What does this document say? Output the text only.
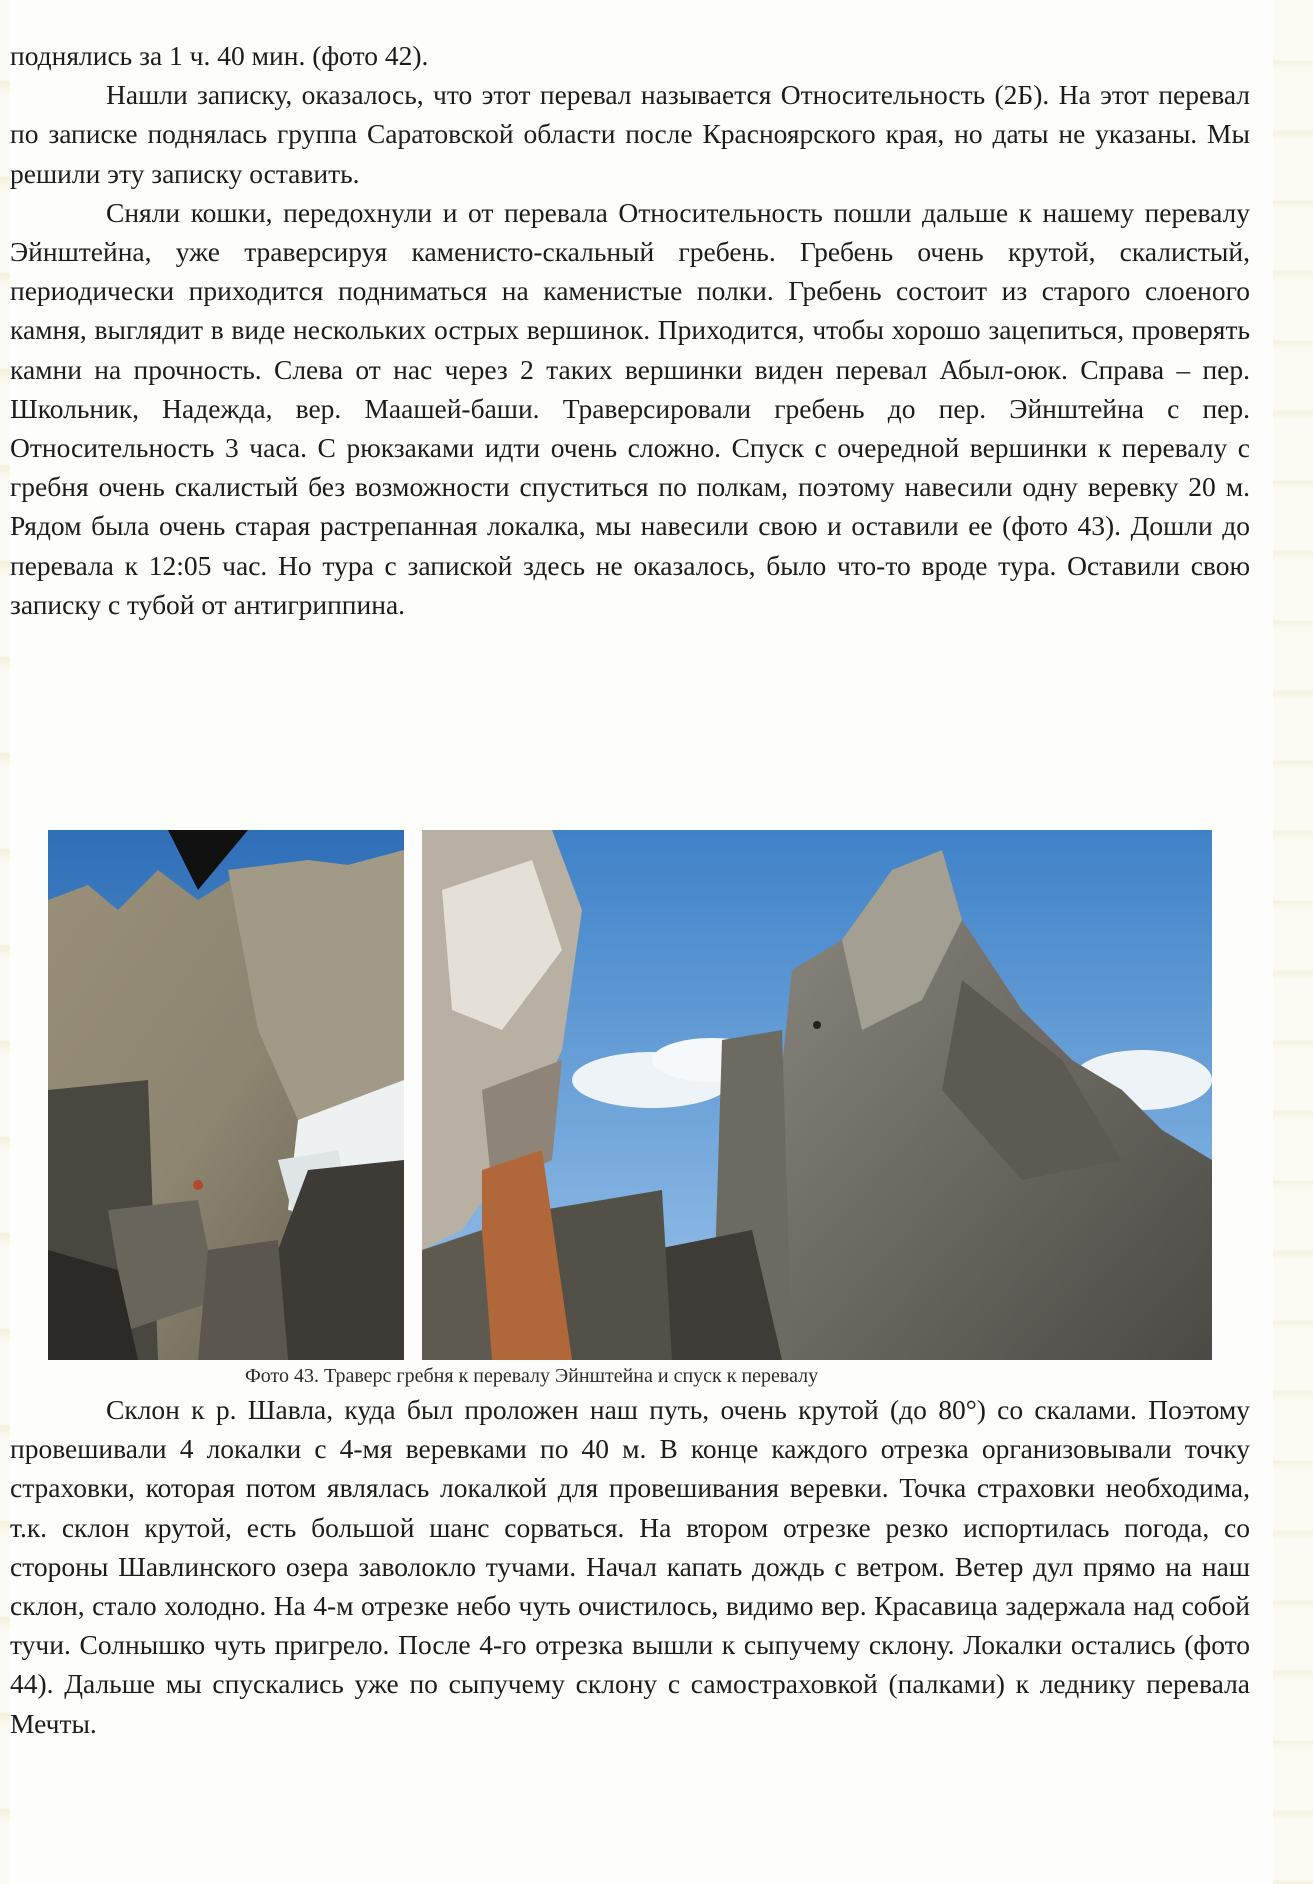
поднялись за 1 ч. 40 мин. (фото 42).

Нашли записку, оказалось, что этот перевал называется Относительность (2Б). На этот перевал по записке поднялась группа Саратовской области после Красноярского края, но даты не указаны. Мы решили эту записку оставить.

Сняли кошки, передохнули и от перевала Относительность пошли дальше к нашему перевалу Эйнштейна, уже траверсируя каменисто-скальный гребень. Гребень очень крутой, скалистый, периодически приходится подниматься на каменистые полки. Гребень состоит из старого слоеного камня, выглядит в виде нескольких острых вершинок. Приходится, чтобы хорошо зацепиться, проверять камни на прочность. Слева от нас через 2 таких вершинки виден перевал Абыл-оюк. Справа – пер. Школьник, Надежда, вер. Маашей-баши. Траверсировали гребень до пер. Эйнштейна с пер. Относительность 3 часа. С рюкзаками идти очень сложно. Спуск с очередной вершинки к перевалу с гребня очень скалистый без возможности спуститься по полкам, поэтому навесили одну веревку 20 м. Рядом была очень старая растрепанная локалка, мы навесили свою и оставили ее (фото 43). Дошли до перевала к 12:05 час. Но тура с запиской здесь не оказалось, было что-то вроде тура. Оставили свою записку с тубой от антигриппина.

Фото 43. Траверс гребня к перевалу Эйнштейна и спуск к перевалу

Склон к р. Шавла, куда был проложен наш путь, очень крутой (до 80°) со скалами. Поэтому провешивали 4 локалки с 4-мя веревками по 40 м. В конце каждого отрезка организовывали точку страховки, которая потом являлась локалкой для провешивания веревки. Точка страховки необходима, т.к. склон крутой, есть большой шанс сорваться. На втором отрезке резко испортилась погода, со стороны Шавлинского озера заволокло тучами. Начал капать дождь с ветром. Ветер дул прямо на наш склон, стало холодно. На 4-м отрезке небо чуть очистилось, видимо вер. Красавица задержала над собой тучи. Солнышко чуть пригрело. После 4-го отрезка вышли к сыпучему склону. Локалки остались (фото 44). Дальше мы спускались уже по сыпучему склону с самостраховкой (палками) к леднику перевала Мечты.
